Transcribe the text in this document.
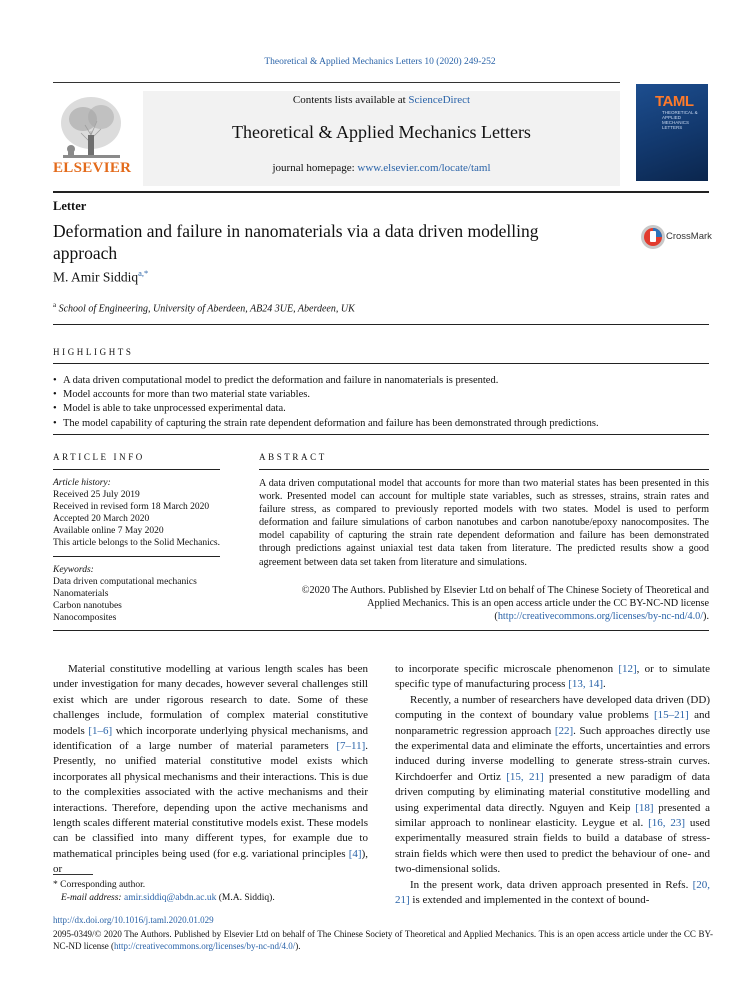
Theoretical & Applied Mechanics Letters 10 (2020) 249-252
ELSEVIER
Contents lists available at ScienceDirect
Theoretical & Applied Mechanics Letters
journal homepage: www.elsevier.com/locate/taml
TAML
THEORETICAL & APPLIED MECHANICS LETTERS
Letter
Deformation and failure in nanomaterials via a data driven modelling approach
CrossMark
M. Amir Siddiq$^{a,*}$
$^a$ School of Engineering, University of Aberdeen, AB24 3UE, Aberdeen, UK
HIGHLIGHTS
• A data driven computational model to predict the deformation and failure in nanomaterials is presented.
• Model accounts for more than two material state variables.
• Model is able to take unprocessed experimental data.
• The model capability of capturing the strain rate dependent deformation and failure has been demonstrated through predictions.
ARTICLE INFO
Article history:
Received 25 July 2019
Received in revised form 18 March 2020
Accepted 20 March 2020
Available online 7 May 2020
This article belongs to the Solid Mechanics.
Keywords:
Data driven computational mechanics
Nanomaterials
Carbon nanotubes
Nanocomposites
ABSTRACT
A data driven computational model that accounts for more than two material states has been presented in this work. Presented model can account for multiple state variables, such as stresses, strains, strain rates and failure stress, as compared to previously reported models with two states. Model is used to perform deformation and failure simulations of carbon nanotubes and carbon nanotube/epoxy nanocomposites. The model capability of capturing the strain rate dependent deformation and failure has been demonstrated through predictions against uniaxial test data taken from literature. The predicted results show a good agreement between data set taken from literature and simulations.
©2020 The Authors. Published by Elsevier Ltd on behalf of The Chinese Society of Theoretical and
Applied Mechanics. This is an open access article under the CC BY-NC-ND license
(http://creativecommons.org/licenses/by-nc-nd/4.0/).

Material constitutive modelling at various length scales has been under investigation for many decades, however several challenges still exist which are under rigorous research to date. Some of these challenges include, formulation of complex material constitutive models [1–6] which incorporate underlying physical mechanisms, and identification of a large number of material parameters [7–11]. Presently, no unified material constitutive model exists which incorporates all physical mechanisms and their interactions. This is due to the complexities associated with the active mechanisms and their interactions. Therefore, depending upon the active mechanisms and length scales different material constitutive models exist. These models can be classified into many different types, for example due to mathematical principles being used (for e.g. variational principles [4]), or

to incorporate specific microscale phenomenon [12], or to simulate specific type of manufacturing process [13, 14].

Recently, a number of researchers have developed data driven (DD) computing in the context of boundary value problems [15–21] and nonparametric regression approach [22]. Such approaches directly use the experimental data and eliminate the efforts, uncertainties and errors induced during inverse modelling to generate stress-strain curves. Kirchdoerfer and Ortiz [15, 21] presented a new paradigm of data driven computing by eliminating material constitutive modelling and using experimental data directly. Nguyen and Keip [18] presented a similar approach to nonlinear elasticity. Leygue et al. [16, 23] used experimentally measured strain fields to build a database of stress-strain fields which were then used to predict the behaviour of one- and two-dimensional solids.

In the present work, data driven approach presented in Refs. [20, 21] is extended and implemented in the context of bound-

* Corresponding author.
E-mail address: amir.siddiq@abdn.ac.uk (M.A. Siddiq).
http://dx.doi.org/10.1016/j.taml.2020.01.029
2095-0349/© 2020 The Authors. Published by Elsevier Ltd on behalf of The Chinese Society of Theoretical and Applied Mechanics. This is an open access article under the CC BY-NC-ND license (http://creativecommons.org/licenses/by-nc-nd/4.0/).
